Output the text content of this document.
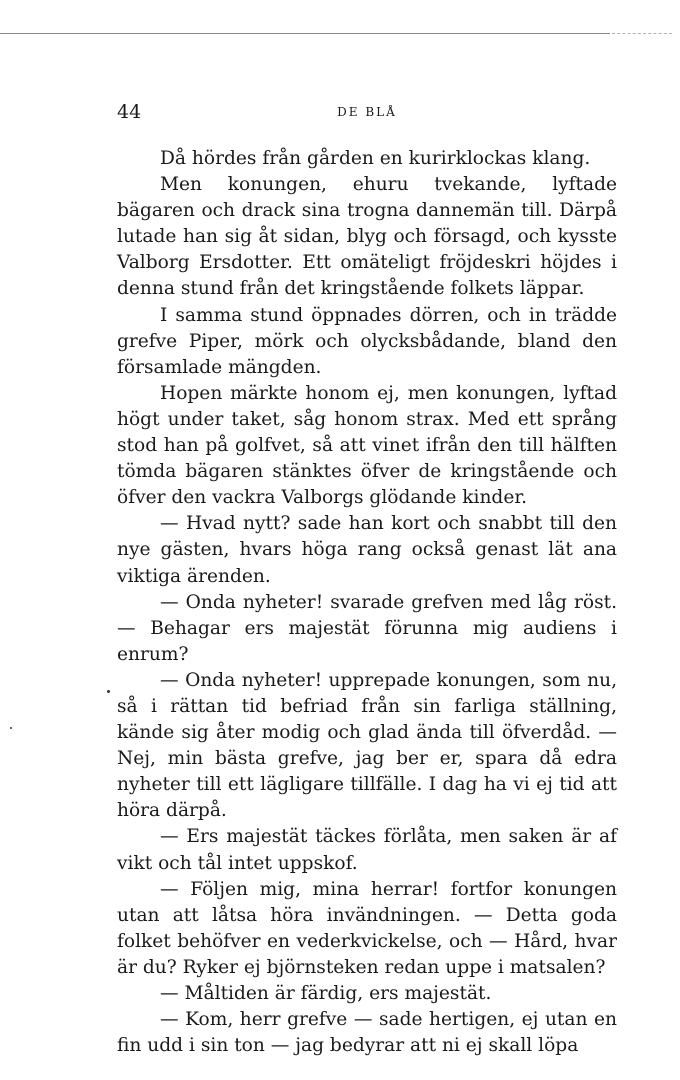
44	DE BLÅ

Då hördes från gården en kurirklockas klang.

Men konungen, ehuru tvekande, lyftade bägaren och drack sina trogna dannemän till. Därpå lutade han sig åt sidan, blyg och försagd, och kysste Valborg Ersdotter. Ett omäteligt fröjdeskri höjdes i denna stund från det kringstående folkets läppar.

I samma stund öppnades dörren, och in trädde grefve Piper, mörk och olycksbådande, bland den församlade mängden.

Hopen märkte honom ej, men konungen, lyftad högt under taket, såg honom strax. Med ett språng stod han på golfvet, så att vinet ifrån den till hälften tömda bägaren stänktes öfver de kringstående och öfver den vackra Valborgs glödande kinder.

— Hvad nytt? sade han kort och snabbt till den nye gästen, hvars höga rang också genast lät ana viktiga ärenden.

— Onda nyheter! svarade grefven med låg röst. — Behagar ers majestät förunna mig audiens i enrum?

— Onda nyheter! upprepade konungen, som nu, så i rättan tid befriad från sin farliga ställning, kände sig åter modig och glad ända till öfverdåd. — Nej, min bästa grefve, jag ber er, spara då edra nyheter till ett lägligare tillfälle. I dag ha vi ej tid att höra därpå.

— Ers majestät täckes förlåta, men saken är af vikt och tål intet uppskof.

— Följen mig, mina herrar! fortfor konungen utan att låtsa höra invändningen. — Detta goda folket behöfver en vederkvickelse, och — Hård, hvar är du? Ryker ej björnsteken redan uppe i matsalen?

— Måltiden är färdig, ers majestät.

— Kom, herr grefve — sade hertigen, ej utan en fin udd i sin ton — jag bedyrar att ni ej skall löpa
